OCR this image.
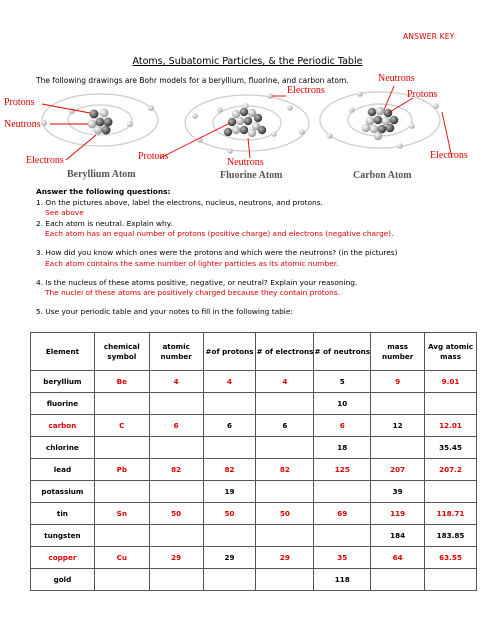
ANSWER KEY
Atoms, Subatomic Particles, & the Periodic Table
The following drawings are Bohr models for a beryllium, fluorine, and carbon atom.
Protons
Neutrons
Electrons	Protons
Neutrons
Electrons
Neutrons
Protons
Electrons
Beryllium Atom	Fluorine Atom	Carbon Atom

Answer the following questions:

1. On the pictures above, label the electrons, nucleus, neutrons, and protons.

See above

2. Each atom is neutral. Explain why.

Each atom has an equal number of protons (positive charge) and electrons (negative charge).

3. How did you know which ones were the protons and which were the neutrons? (in the pictures)

Each atom contains the same number of lighter particles as its atomic number.

4. Is the nucleus of these atoms positive, negative, or neutral? Explain your reasoning.

The nuclei of these atoms are positively charged because they contain protons.

5. Use your periodic table and your notes to fill in the following table:

Element	chemical symbol	atomic number	#of protons	# of electrons	# of neutrons	mass number	Avg atomic mass
beryllium	Be	4	4	4	5	9	9.01
fluorine					10		
carbon	C	6	6	6	6	12	12.01
chlorine					18		35.45
lead	Pb	82	82	82	125	207	207.2
potassium			19			39	
tin	Sn	50	50	50	69	119	118.71
tungsten						184	183.85
copper	Cu	29	29	29	35	64	63.55
gold					118		
